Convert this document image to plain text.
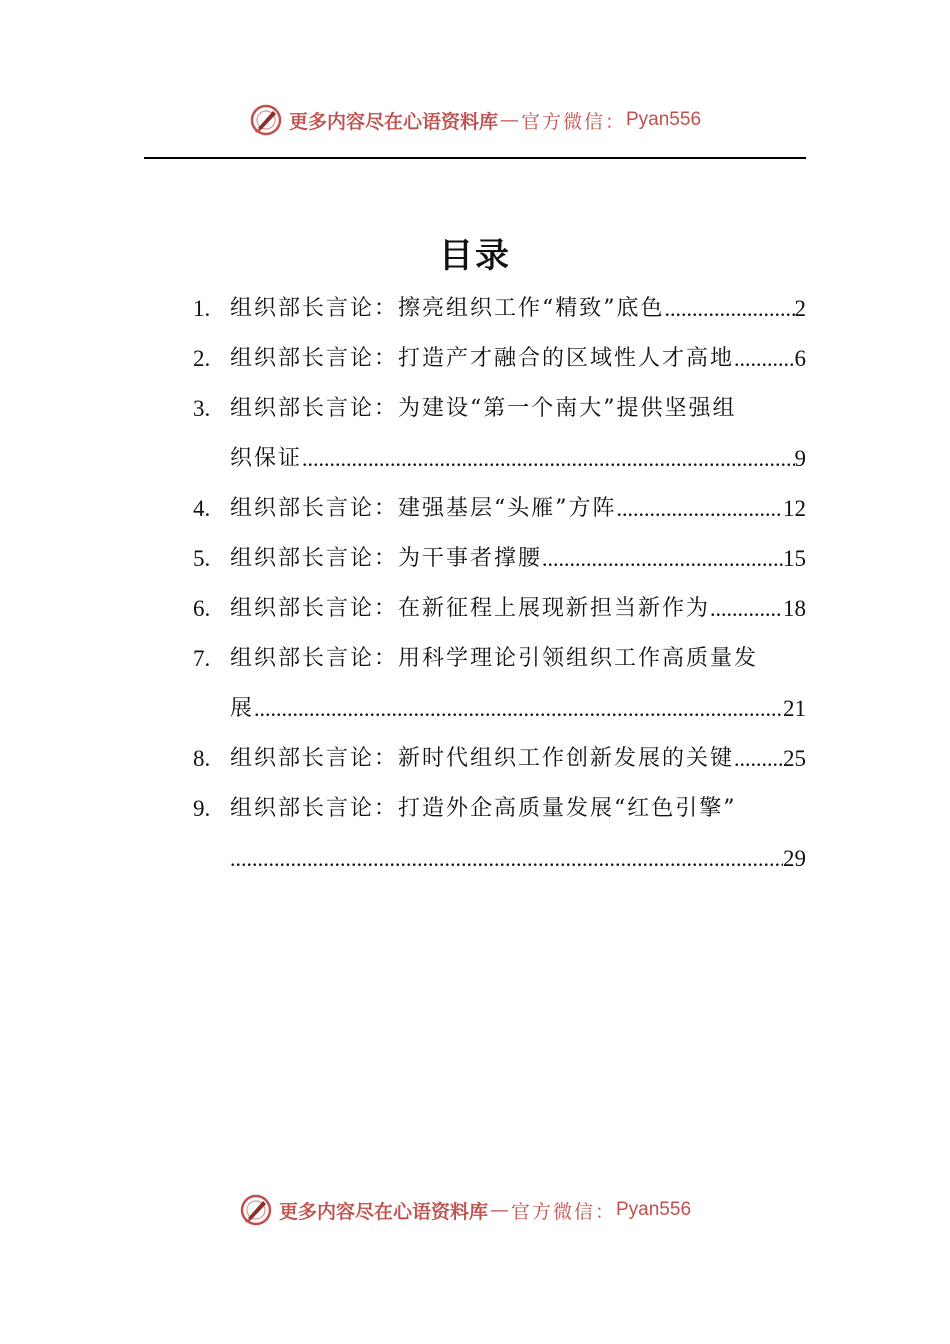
更多内容尽在心语资料库 — 官方微信： Pyan556
目录
1. 组织部长言论：擦亮组织工作“精致”底色 .....	2
2. 组织部长言论：打造产才融合的区域性人才高地 .....	6
3. 组织部长言论：为建设“第一个南大”提供坚强组
织保证 .....	9
4. 组织部长言论：建强基层“头雁”方阵 .....	12
5. 组织部长言论：为干事者撑腰 .....	15
6. 组织部长言论：在新征程上展现新担当新作为 .....	18
7. 组织部长言论：用科学理论引领组织工作高质量发
展 .....	21
8. 组织部长言论：新时代组织工作创新发展的关键 ..... 25
9. 组织部长言论：打造外企高质量发展“红色引擎”
.....
29
更多内容尽在心语资料库 — 官方微信： Pyan556
